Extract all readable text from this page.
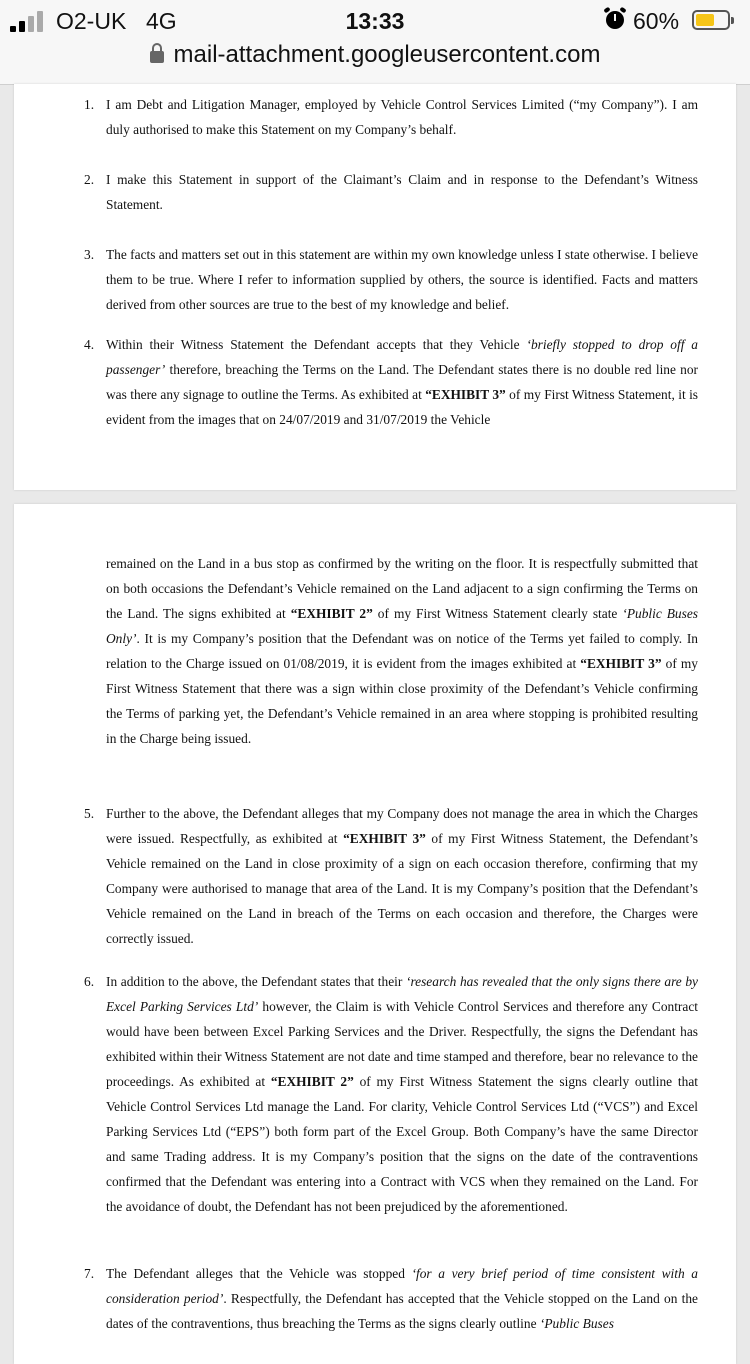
O2-UK 4G	13:33	60%
mail-attachment.googleusercontent.com
1. I am Debt and Litigation Manager, employed by Vehicle Control Services Limited (“my Company”). I am duly authorised to make this Statement on my Company’s behalf.

2. I make this Statement in support of the Claimant’s Claim and in response to the Defendant’s Witness Statement.

3. The facts and matters set out in this statement are within my own knowledge unless I state otherwise. I believe them to be true. Where I refer to information supplied by others, the source is identified. Facts and matters derived from other sources are true to the best of my knowledge and belief.

4. Within their Witness Statement the Defendant accepts that they Vehicle ‘briefly stopped to drop off a passenger’ therefore, breaching the Terms on the Land. The Defendant states there is no double red line nor was there any signage to outline the Terms. As exhibited at “EXHIBIT 3” of my First Witness Statement, it is evident from the images that on 24/07/2019 and 31/07/2019 the Vehicle

remained on the Land in a bus stop as confirmed by the writing on the floor. It is respectfully submitted that on both occasions the Defendant’s Vehicle remained on the Land adjacent to a sign confirming the Terms on the Land. The signs exhibited at “EXHIBIT 2” of my First Witness Statement clearly state ‘Public Buses Only’. It is my Company’s position that the Defendant was on notice of the Terms yet failed to comply. In relation to the Charge issued on 01/08/2019, it is evident from the images exhibited at “EXHIBIT 3” of my First Witness Statement that there was a sign within close proximity of the Defendant’s Vehicle confirming the Terms of parking yet, the Defendant’s Vehicle remained in an area where stopping is prohibited resulting in the Charge being issued.

5. Further to the above, the Defendant alleges that my Company does not manage the area in which the Charges were issued. Respectfully, as exhibited at “EXHIBIT 3” of my First Witness Statement, the Defendant’s Vehicle remained on the Land in close proximity of a sign on each occasion therefore, confirming that my Company were authorised to manage that area of the Land. It is my Company’s position that the Defendant’s Vehicle remained on the Land in breach of the Terms on each occasion and therefore, the Charges were correctly issued.

6. In addition to the above, the Defendant states that their ‘research has revealed that the only signs there are by Excel Parking Services Ltd’ however, the Claim is with Vehicle Control Services and therefore any Contract would have been between Excel Parking Services and the Driver. Respectfully, the signs the Defendant has exhibited within their Witness Statement are not date and time stamped and therefore, bear no relevance to the proceedings. As exhibited at “EXHIBIT 2” of my First Witness Statement the signs clearly outline that Vehicle Control Services Ltd manage the Land. For clarity, Vehicle Control Services Ltd (“VCS”) and Excel Parking Services Ltd (“EPS”) both form part of the Excel Group. Both Company’s have the same Director and same Trading address. It is my Company’s position that the signs on the date of the contraventions confirmed that the Defendant was entering into a Contract with VCS when they remained on the Land. For the avoidance of doubt, the Defendant has not been prejudiced by the aforementioned.

7. The Defendant alleges that the Vehicle was stopped ‘for a very brief period of time consistent with a consideration period’. Respectfully, the Defendant has accepted that the Vehicle stopped on the Land on the dates of the contraventions, thus breaching the Terms as the signs clearly outline ‘Public Buses
